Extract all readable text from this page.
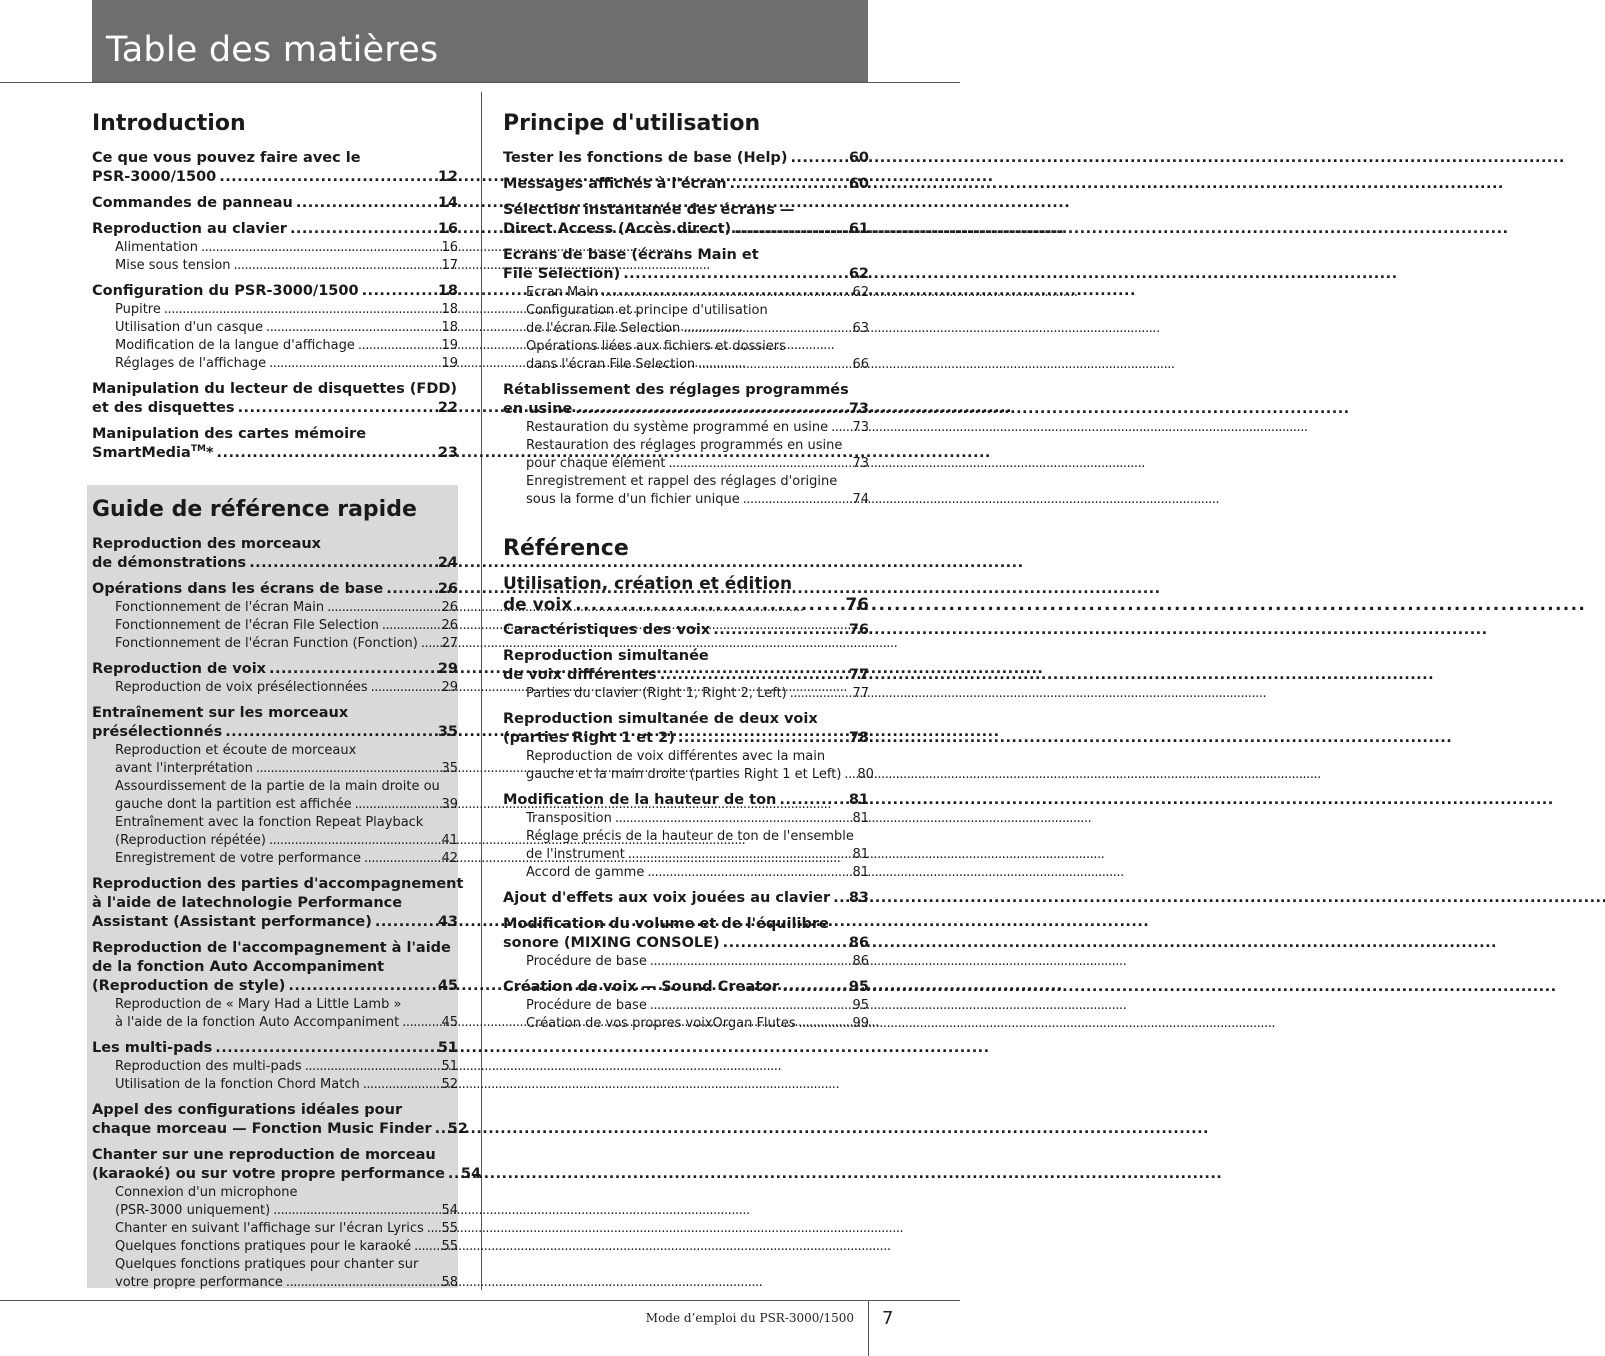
Table des matières
Introduction
Ce que vous pouvez faire avec le
PSR-3000/1500 . . .	12
Commandes de panneau . . .	14
Reproduction au clavier . . .	16
Alimentation . . .	16
Mise sous tension . . .	17
Configuration du PSR-3000/1500 . . .	18
Pupitre . . .	18
Utilisation d'un casque . . .	18
Modification de la langue d'affichage . . .	19
Réglages de l'affichage . . .	19
Manipulation du lecteur de disquettes (FDD)
et des disquettes . . .	22
Manipulation des cartes mémoire
SmartMedia™* . . .	23
Guide de référence rapide
Reproduction des morceaux
de démonstrations . . .	24
Opérations dans les écrans de base . . .	26
Fonctionnement de l'écran Main . . .	26
Fonctionnement de l'écran File Selection . . .	26
Fonctionnement de l'écran Function (Fonction) . . . 27
Reproduction de voix . . .	29
Reproduction de voix présélectionnées . . .	29
Entraînement sur les morceaux
présélectionnés . . .	35
Reproduction et écoute de morceaux
avant l'interprétation . . .	35
Assourdissement de la partie de la main droite ou
gauche dont la partition est affichée . . .	39
Entraînement avec la fonction Repeat Playback
(Reproduction répétée) . . .	41
Enregistrement de votre performance . . .	42
Reproduction des parties d'accompagnement
à l'aide de latechnologie Performance
Assistant (Assistant performance) . . .	43
Reproduction de l'accompagnement à l'aide
de la fonction Auto Accompaniment
(Reproduction de style) . . .	45
Reproduction de « Mary Had a Little Lamb »
à l'aide de la fonction Auto Accompaniment . . .	45
Les multi-pads . . .	51
Reproduction des multi-pads . . .	51
Utilisation de la fonction Chord Match . . .	52
Appel des configurations idéales pour
chaque morceau — Fonction Music Finder . . . 52
Chanter sur une reproduction de morceau
(karaoké) ou sur votre propre performance . . . 54
Connexion d'un microphone
(PSR-3000 uniquement) . . .	54
Chanter en suivant l'affichage sur l'écran Lyrics . . . 55
Quelques fonctions pratiques pour le karaoké . . . 55
Quelques fonctions pratiques pour chanter sur
votre propre performance . . .	58
Principe d'utilisation
Tester les fonctions de base (Help) . . .	60
Messages affichés à l'écran . . .	60
Sélection instantanée des écrans —
Direct Access (Accès direct) . . .	61
Ecrans de base (écrans Main et
File Selection) . . .	62
Ecran Main . . .	62
Configuration et principe d'utilisation
de l'écran File Selection . . .	63
Opérations liées aux fichiers et dossiers
dans l'écran File Selection . . .	66
Rétablissement des réglages programmés
en usine . . .	73
Restauration du système programmé en usine . . . 73
Restauration des réglages programmés en usine
pour chaque élément . . .	73
Enregistrement et rappel des réglages d'origine
sous la forme d'un fichier unique . . .	74
Référence
Utilisation, création et édition
de voix . . .	76
Caractéristiques des voix . . .	76
Reproduction simultanée
de voix différentes . . .	77
Parties du clavier (Right 1, Right 2, Left) . . .	77
Reproduction simultanée de deux voix
(parties Right 1 et 2) . . .	78
Reproduction de voix différentes avec la main
gauche et la main droite (parties Right 1 et Left) . . . 80
Modification de la hauteur de ton . . .	81
Transposition . . .	81
Réglage précis de la hauteur de ton de l'ensemble
de l'instrument . . .	81
Accord de gamme . . .	81
Ajout d'effets aux voix jouées au clavier . . . 83
Modification du volume et de l'équilibre
sonore (MIXING CONSOLE) . . .	86
Procédure de base . . .	86
Création de voix — Sound Creator . . .	95
Procédure de base . . .	95
Création de vos propres voixOrgan Flutes . . .	99
Mode d’emploi du PSR-3000/1500 7
